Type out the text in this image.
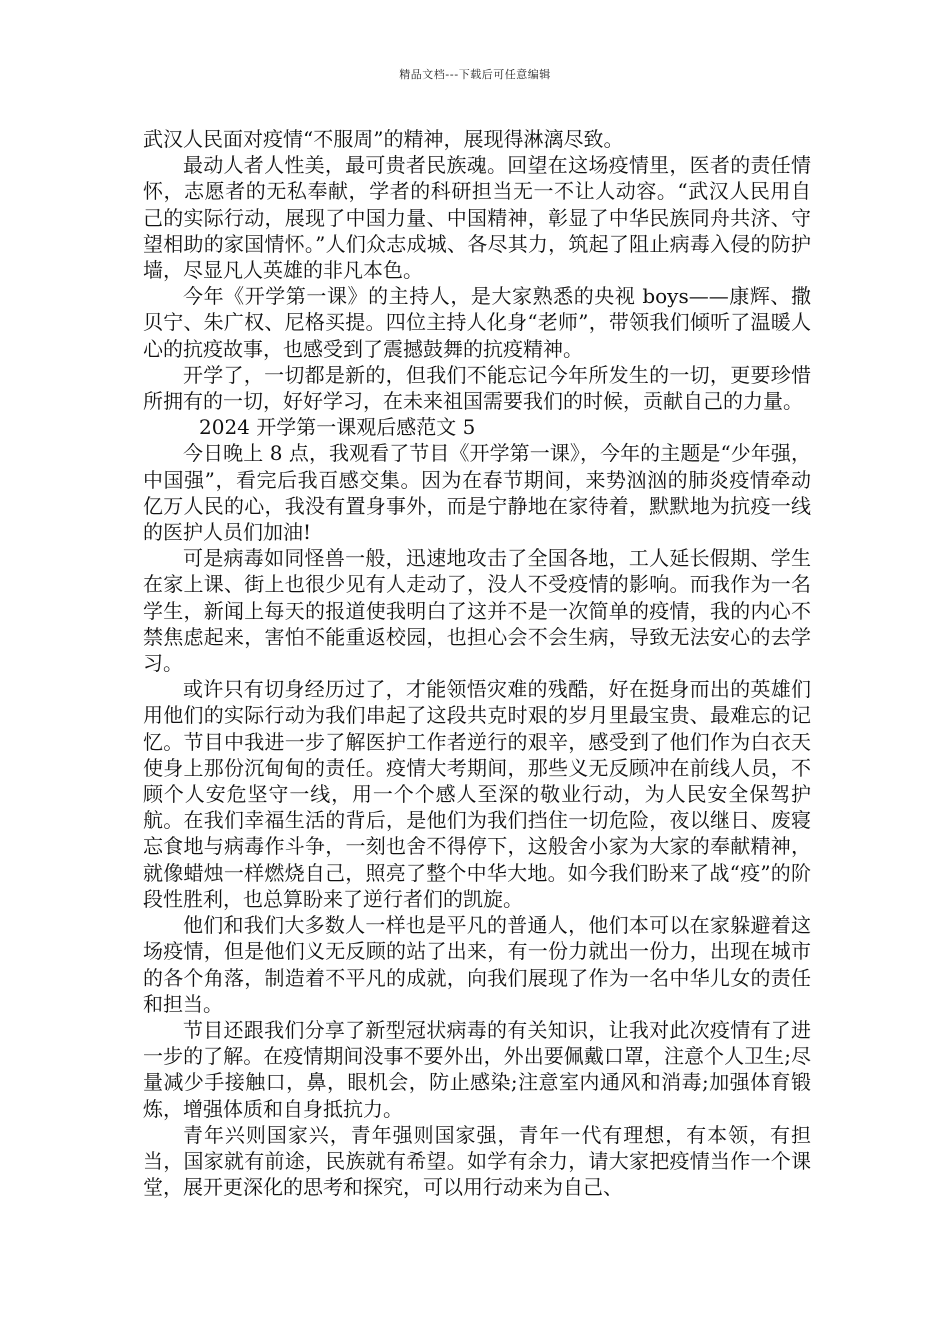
精品文档---下载后可任意编辑

武汉人民面对疫情“不服周”的精神，展现得淋漓尽致。

最动人者人性美，最可贵者民族魂。回望在这场疫情里，医者的责任情怀，志愿者的无私奉献，学者的科研担当无一不让人动容。“武汉人民用自己的实际行动，展现了中国力量、中国精神，彰显了中华民族同舟共济、守望相助的家国情怀。”人们众志成城、各尽其力，筑起了阻止病毒入侵的防护墙，尽显凡人英雄的非凡本色。

今年《开学第一课》的主持人，是大家熟悉的央视 boys——康辉、撒贝宁、朱广权、尼格买提。四位主持人化身“老师”，带领我们倾听了温暖人心的抗疫故事，也感受到了震撼鼓舞的抗疫精神。

开学了，一切都是新的，但我们不能忘记今年所发生的一切，更要珍惜所拥有的一切，好好学习，在未来祖国需要我们的时候，贡献自己的力量。

2024 开学第一课观后感范文 5

今日晚上 8 点，我观看了节目《开学第一课》，今年的主题是“少年强，中国强”，看完后我百感交集。因为在春节期间，来势汹汹的肺炎疫情牵动亿万人民的心，我没有置身事外，而是宁静地在家待着，默默地为抗疫一线的医护人员们加油!

可是病毒如同怪兽一般，迅速地攻击了全国各地，工人延长假期、学生在家上课、街上也很少见有人走动了，没人不受疫情的影响。而我作为一名学生，新闻上每天的报道使我明白了这并不是一次简单的疫情，我的内心不禁焦虑起来，害怕不能重返校园，也担心会不会生病，导致无法安心的去学习。

或许只有切身经历过了，才能领悟灾难的残酷，好在挺身而出的英雄们用他们的实际行动为我们串起了这段共克时艰的岁月里最宝贵、最难忘的记忆。节目中我进一步了解医护工作者逆行的艰辛，感受到了他们作为白衣天使身上那份沉甸甸的责任。疫情大考期间，那些义无反顾冲在前线人员，不顾个人安危坚守一线，用一个个感人至深的敬业行动，为人民安全保驾护航。在我们幸福生活的背后，是他们为我们挡住一切危险，夜以继日、废寝忘食地与病毒作斗争，一刻也舍不得停下，这般舍小家为大家的奉献精神，就像蜡烛一样燃烧自己，照亮了整个中华大地。如今我们盼来了战“疫”的阶段性胜利，也总算盼来了逆行者们的凯旋。

他们和我们大多数人一样也是平凡的普通人，他们本可以在家躲避着这场疫情，但是他们义无反顾的站了出来，有一份力就出一份力，出现在城市的各个角落，制造着不平凡的成就，向我们展现了作为一名中华儿女的责任和担当。

节目还跟我们分享了新型冠状病毒的有关知识，让我对此次疫情有了进一步的了解。在疫情期间没事不要外出，外出要佩戴口罩，注意个人卫生;尽量减少手接触口，鼻，眼机会，防止感染;注意室内通风和消毒;加强体育锻炼，增强体质和自身抵抗力。

青年兴则国家兴，青年强则国家强，青年一代有理想，有本领，有担当，国家就有前途，民族就有希望。如学有余力，请大家把疫情当作一个课堂，展开更深化的思考和探究，可以用行动来为自己、
